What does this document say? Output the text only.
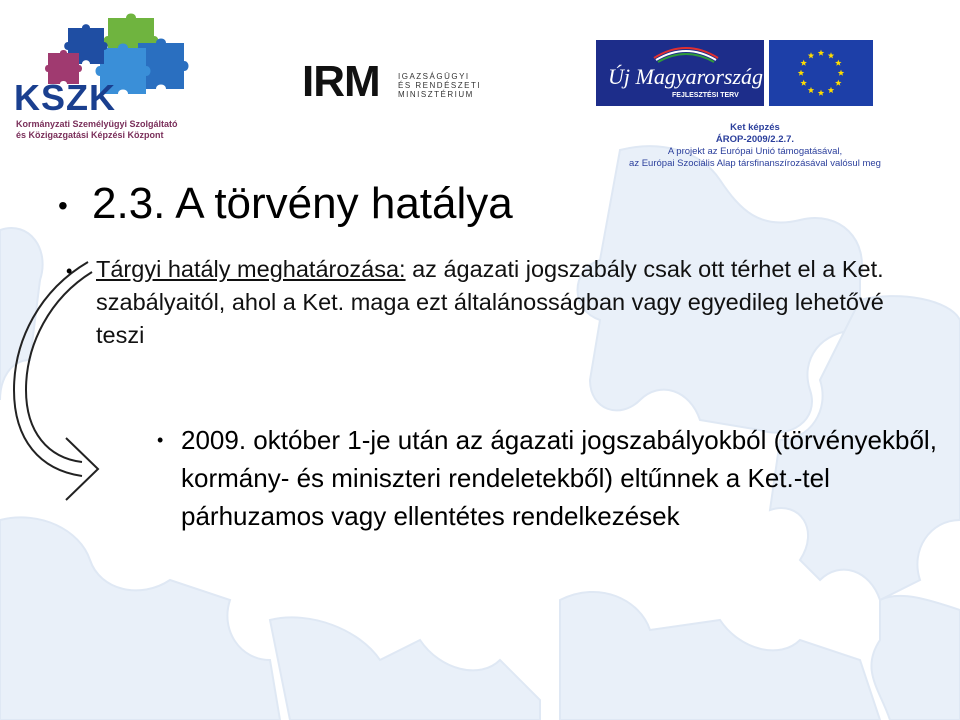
KSZK
Kormányzati Személyügyi Szolgáltató
és Közigazgatási Képzési Központ
IRM IGAZSÁGÜGYI
ÉS RENDÉSZETI
MINISZTÉRIUM
Új Magyarország
FEJLESZTÉSI TERV
Ket képzés
ÁROP-2009/2.2.7.
A projekt az Európai Unió támogatásával,
az Európai Szociális Alap társfinanszírozásával valósul meg
• 2.3. A törvény hatálya
• Tárgyi hatály meghatározása: az ágazati jogszabály csak ott térhet el a Ket. szabályaitól, ahol a Ket. maga ezt általánosságban vagy egyedileg lehetővé teszi
• 2009. október 1-je után az ágazati jogszabályokból (törvényekből, kormány- és miniszteri rendeletekből) eltűnnek a Ket.-tel párhuzamos vagy ellentétes rendelkezések
